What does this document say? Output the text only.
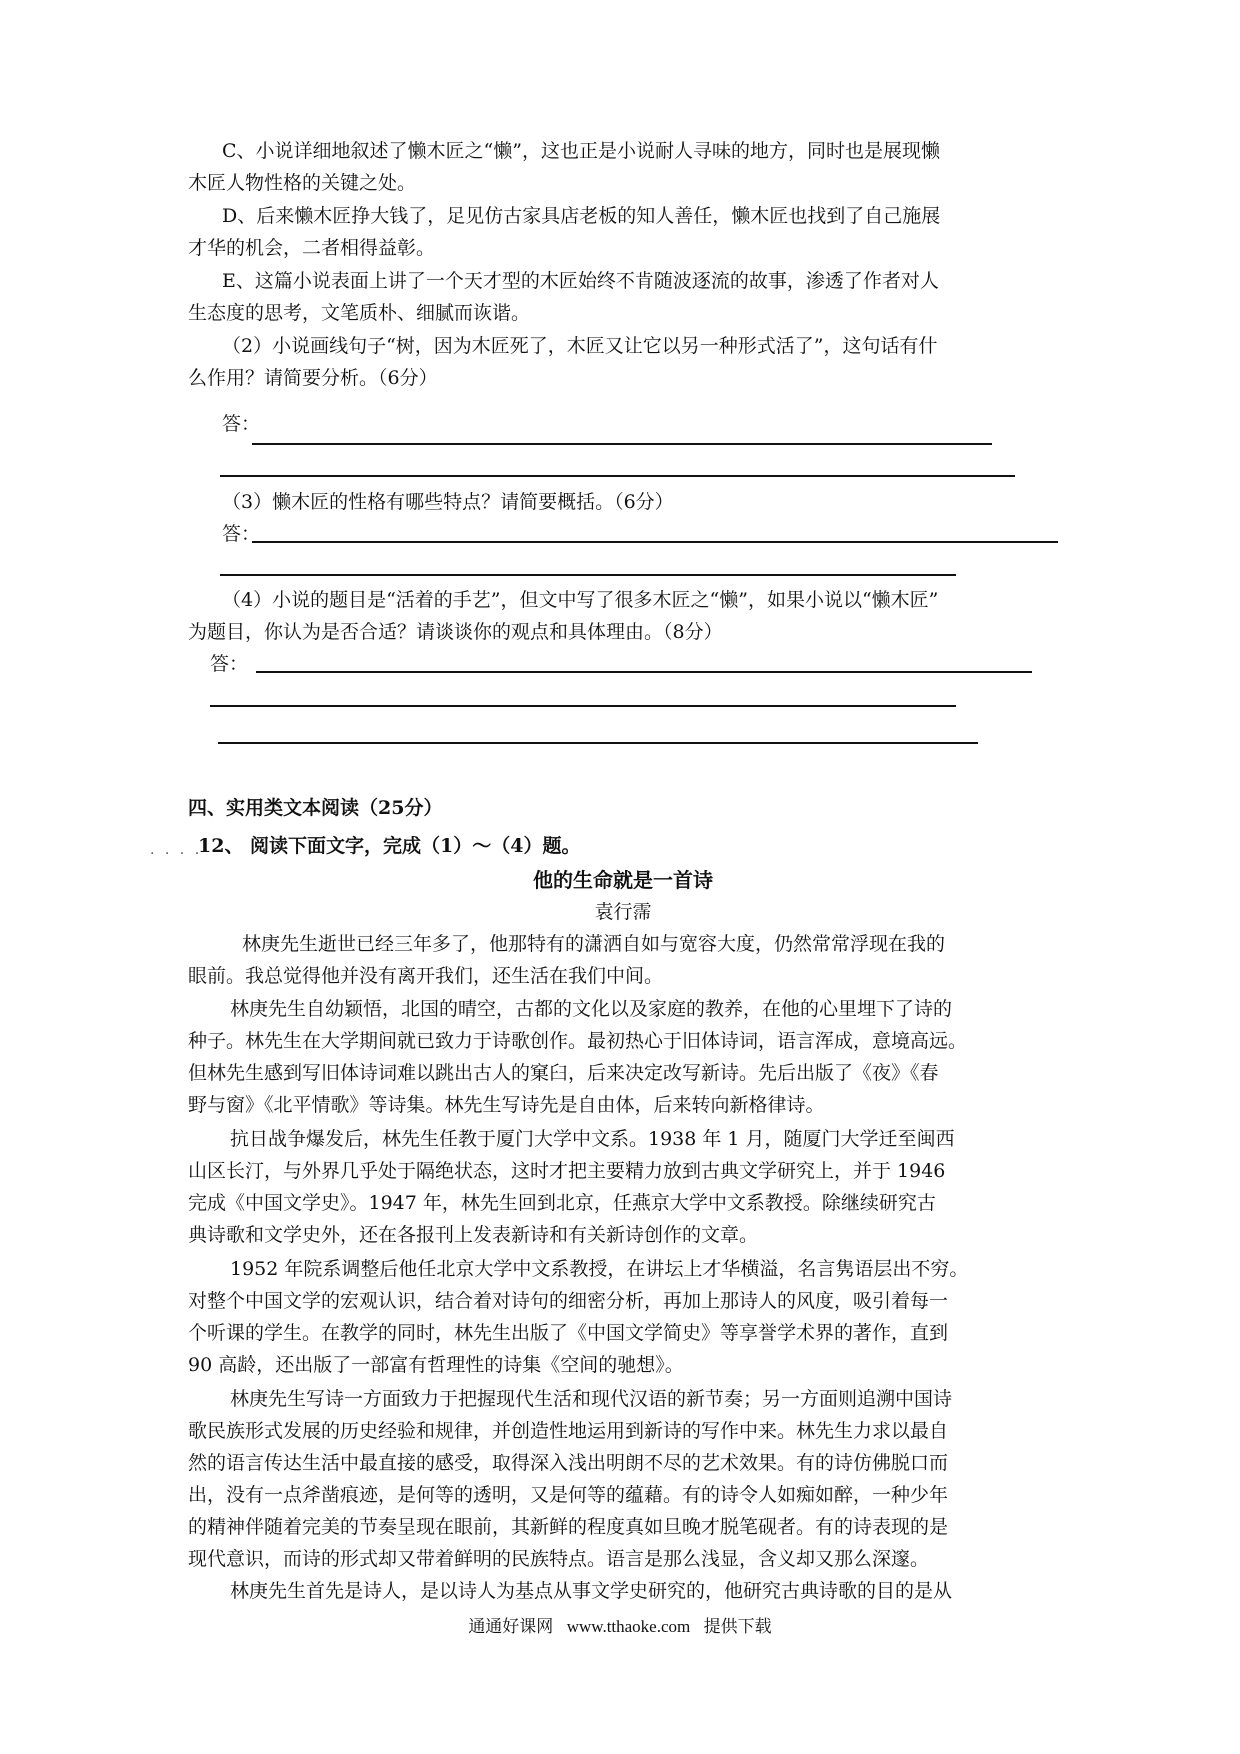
C、小说详细地叙述了懒木匠之“懒”，这也正是小说耐人寻味的地方，同时也是展现懒
木匠人物性格的关键之处。
D、后来懒木匠挣大钱了，足见仿古家具店老板的知人善任，懒木匠也找到了自己施展
才华的机会，二者相得益彰。
E、这篇小说表面上讲了一个天才型的木匠始终不肯随波逐流的故事，渗透了作者对人
生态度的思考，文笔质朴、细腻而诙谐。
（2）小说画线句子“树，因为木匠死了，木匠又让它以另一种形式活了”，这句话有什
么作用？请简要分析。（6分）
答：
（3）懒木匠的性格有哪些特点？请简要概括。（6分）
答：
（4）小说的题目是“活着的手艺”，但文中写了很多木匠之“懒”，如果小说以“懒木匠”
为题目，你认为是否合适？请谈谈你的观点和具体理由。（8分）
答：
四、实用类文本阅读（25分）
. . . .
12、 阅读下面文字，完成（1）～（4）题。
他的生命就是一首诗
袁行霈
林庚先生逝世已经三年多了，他那特有的潇洒自如与宽容大度，仍然常常浮现在我的
眼前。我总觉得他并没有离开我们，还生活在我们中间。
林庚先生自幼颖悟，北国的晴空，古都的文化以及家庭的教养，在他的心里埋下了诗的
种子。林先生在大学期间就已致力于诗歌创作。最初热心于旧体诗词，语言浑成，意境高远。
但林先生感到写旧体诗词难以跳出古人的窠臼，后来决定改写新诗。先后出版了《夜》《春
野与窗》《北平情歌》等诗集。林先生写诗先是自由体，后来转向新格律诗。
抗日战争爆发后，林先生任教于厦门大学中文系。1938 年 1 月，随厦门大学迁至闽西
山区长汀，与外界几乎处于隔绝状态，这时才把主要精力放到古典文学研究上，并于 1946
完成《中国文学史》。1947 年，林先生回到北京，任燕京大学中文系教授。除继续研究古
典诗歌和文学史外，还在各报刊上发表新诗和有关新诗创作的文章。
1952 年院系调整后他任北京大学中文系教授，在讲坛上才华横溢，名言隽语层出不穷。
对整个中国文学的宏观认识，结合着对诗句的细密分析，再加上那诗人的风度，吸引着每一
个听课的学生。在教学的同时，林先生出版了《中国文学简史》等享誉学术界的著作，直到
90 高龄，还出版了一部富有哲理性的诗集《空间的驰想》。
林庚先生写诗一方面致力于把握现代生活和现代汉语的新节奏；另一方面则追溯中国诗
歌民族形式发展的历史经验和规律，并创造性地运用到新诗的写作中来。林先生力求以最自
然的语言传达生活中最直接的感受，取得深入浅出明朗不尽的艺术效果。有的诗仿佛脱口而
出，没有一点斧凿痕迹，是何等的透明，又是何等的蕴藉。有的诗令人如痴如醉，一种少年
的精神伴随着完美的节奏呈现在眼前，其新鲜的程度真如旦晚才脱笔砚者。有的诗表现的是
现代意识，而诗的形式却又带着鲜明的民族特点。语言是那么浅显，含义却又那么深邃。
林庚先生首先是诗人，是以诗人为基点从事文学史研究的，他研究古典诗歌的目的是从
通通好课网 www.tthaoke.com 提供下载
